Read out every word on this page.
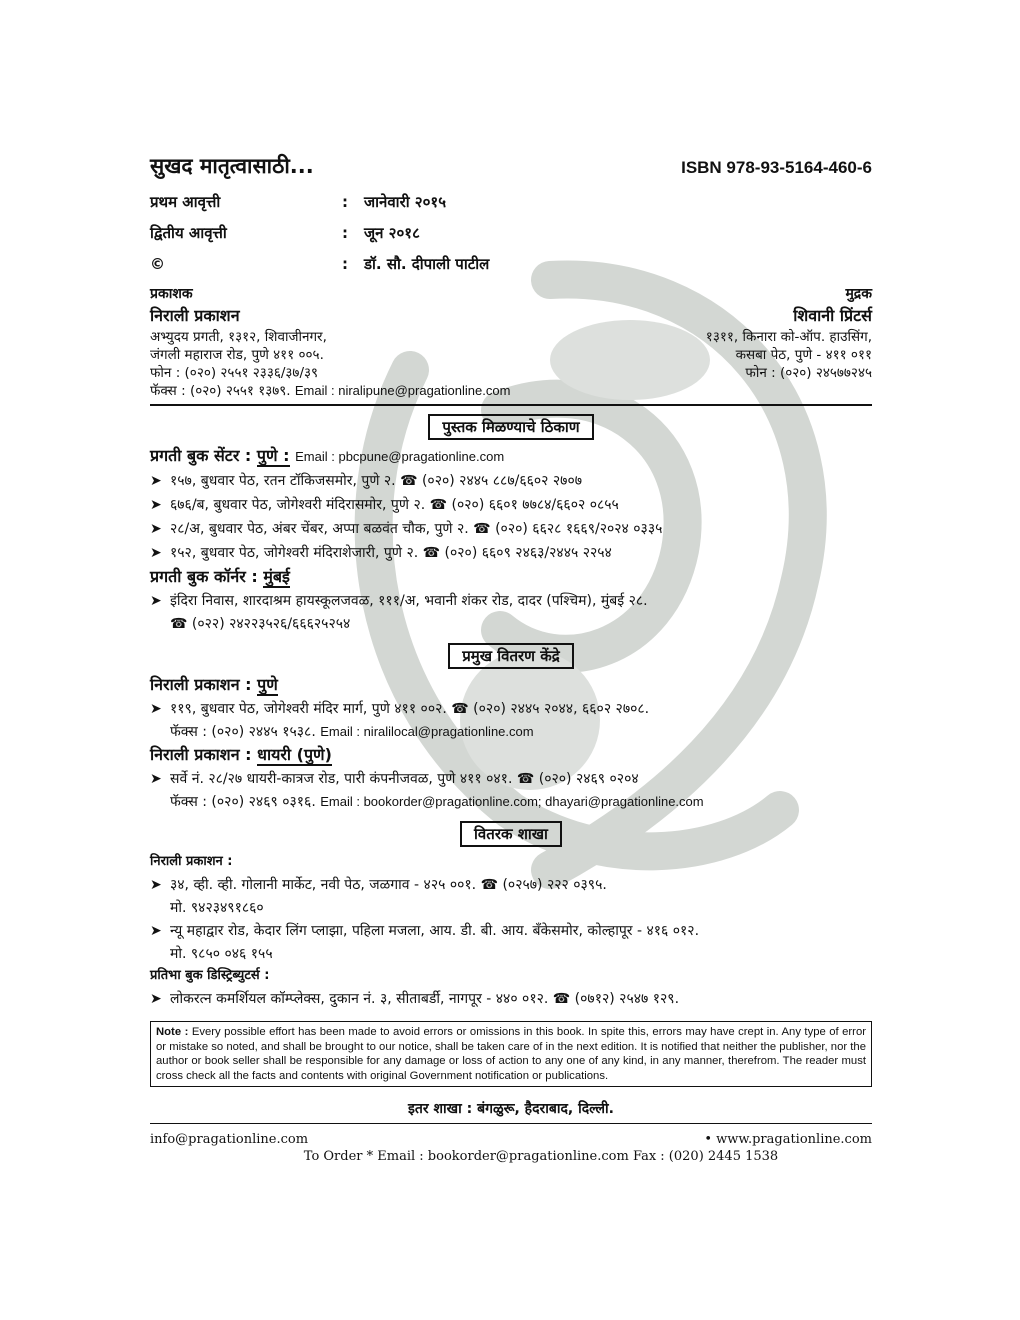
सुखद मातृत्वासाठी...	ISBN 978-93-5164-460-6
प्रथम आवृत्ती	:	जानेवारी २०१५
द्वितीय आवृत्ती	:	जून २०१८
©	:	डॉ. सौ. दीपाली पाटील
प्रकाशक
निराली प्रकाशन
अभ्युदय प्रगती, १३१२, शिवाजीनगर,
जंगली महाराज रोड, पुणे ४११ ००५.
फोन : (०२०) २५५१ २३३६/३७/३९
फॅक्स : (०२०) २५५१ १३७९. Email : niralipune@pragationline.com
मुद्रक
शिवानी प्रिंटर्स
१३११, किनारा को-ऑप. हाउसिंग,
कसबा पेठ, पुणे - ४११ ०११
फोन : (०२०) २४५७७२४५
पुस्तक मिळण्याचे ठिकाण
प्रगती बुक सेंटर : पुणे : Email : pbcpune@pragationline.com
➤ १५७, बुधवार पेठ, रतन टॉकिजसमोर, पुणे २. ☎ (०२०) २४४५ ८८७/६६०२ २७०७
➤ ६७६/ब, बुधवार पेठ, जोगेश्वरी मंदिरासमोर, पुणे २. ☎ (०२०) ६६०१ ७७८४/६६०२ ०८५५
➤ २८/अ, बुधवार पेठ, अंबर चेंबर, अप्पा बळवंत चौक, पुणे २. ☎ (०२०) ६६२८ १६६९/२०२४ ०३३५
➤ १५२, बुधवार पेठ, जोगेश्वरी मंदिराशेजारी, पुणे २. ☎ (०२०) ६६०९ २४६३/२४४५ २२५४
प्रगती बुक कॉर्नर : मुंबई
➤ इंदिरा निवास, शारदाश्रम हायस्कूलजवळ, १११/अ, भवानी शंकर रोड, दादर (पश्चिम), मुंबई २८.
☎ (०२२) २४२२३५२६/६६६२५२५४
प्रमुख वितरण केंद्रे
निराली प्रकाशन : पुणे
➤ ११९, बुधवार पेठ, जोगेश्वरी मंदिर मार्ग, पुणे ४११ ००२. ☎ (०२०) २४४५ २०४४, ६६०२ २७०८.
फॅक्स : (०२०) २४४५ १५३८. Email : niralilocal@pragationline.com
निराली प्रकाशन : धायरी (पुणे)
➤ सर्वे नं. २८/२७ धायरी-कात्रज रोड, पारी कंपनीजवळ, पुणे ४११ ०४१. ☎ (०२०) २४६९ ०२०४
फॅक्स : (०२०) २४६९ ०३१६. Email : bookorder@pragationline.com; dhayari@pragationline.com
वितरक शाखा
निराली प्रकाशन :
➤ ३४, व्ही. व्ही. गोलानी मार्केट, नवी पेठ, जळगाव - ४२५ ००१. ☎ (०२५७) २२२ ०३९५.
मो. ९४२३४९१८६०
➤ न्यू महाद्वार रोड, केदार लिंग प्लाझा, पहिला मजला, आय. डी. बी. आय. बँकेसमोर, कोल्हापूर - ४१६ ०१२.
मो. ९८५० ०४६ १५५
प्रतिभा बुक डिस्ट्रिब्युटर्स :
➤ लोकरत्न कमर्शियल कॉम्प्लेक्स, दुकान नं. ३, सीताबर्डी, नागपूर - ४४० ०१२. ☎ (०७१२) २५४७ १२९.
Note : Every possible effort has been made to avoid errors or omissions in this book. In spite this, errors may have crept in. Any type of error or mistake so noted, and shall be brought to our notice, shall be taken care of in the next edition. It is notified that neither the publisher, nor the author or book seller shall be responsible for any damage or loss of action to any one of any kind, in any manner, therefrom. The reader must cross check all the facts and contents with original Government notification or publications.
इतर शाखा : बंगळुरू, हैदराबाद, दिल्ली.
info@pragationline.com	• www.pragationline.com
To Order * Email : bookorder@pragationline.com Fax : (020) 2445 1538
